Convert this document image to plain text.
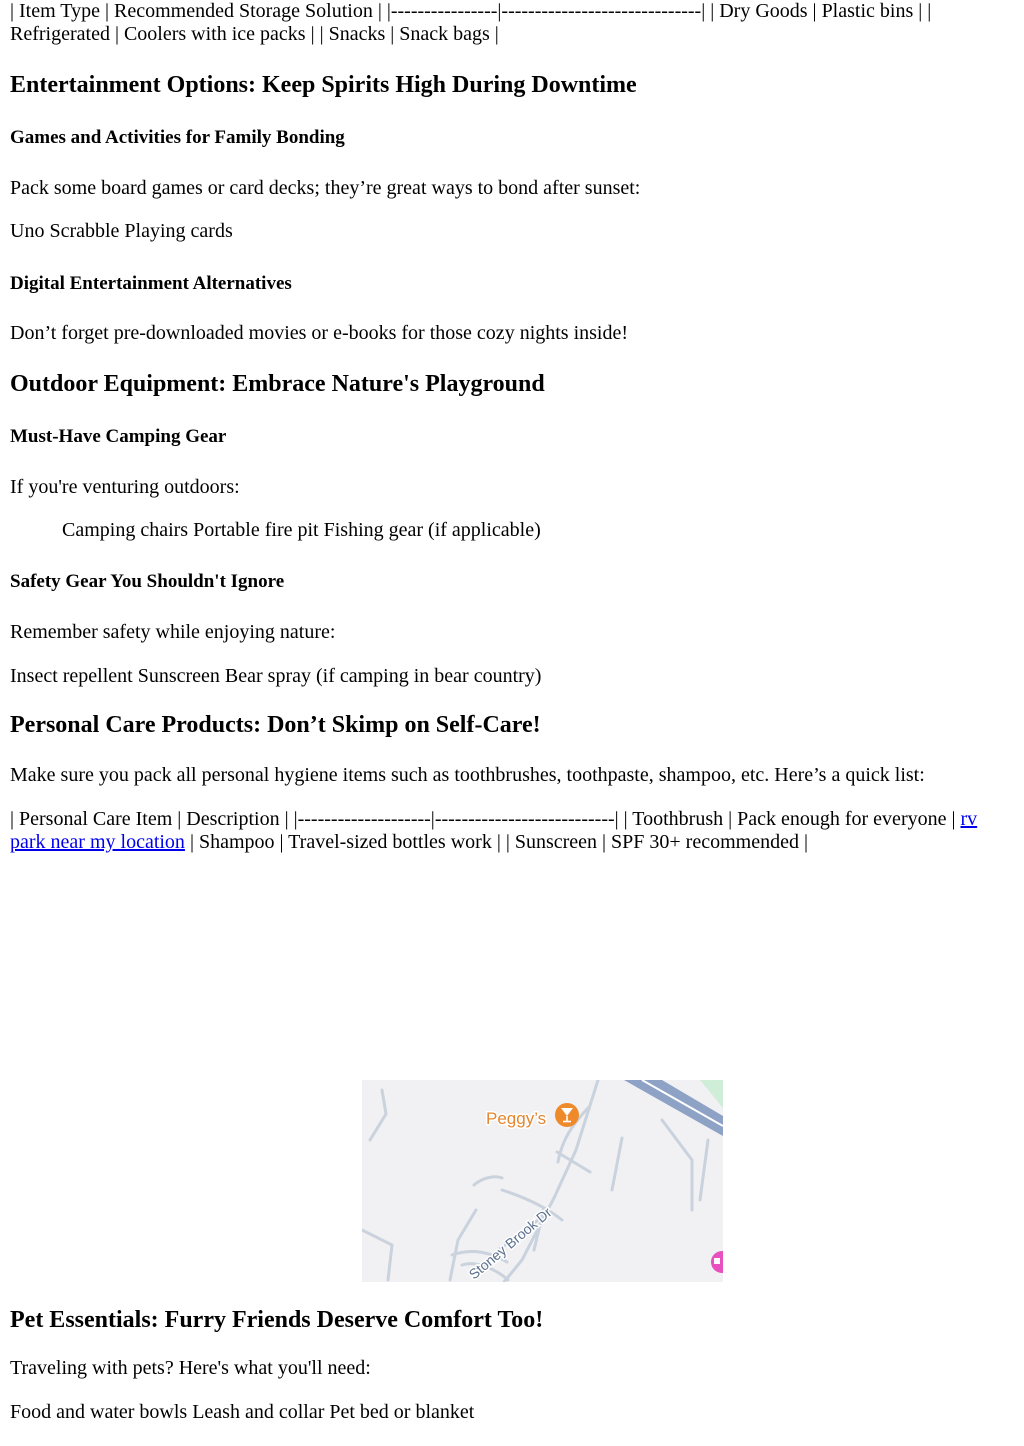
| Item Type | Recommended Storage Solution | |----------------|------------------------------| | Dry Goods | Plastic bins | | Refrigerated | Coolers with ice packs | | Snacks | Snack bags |

Entertainment Options: Keep Spirits High During Downtime
Games and Activities for Family Bonding

Pack some board games or card decks; they’re great ways to bond after sunset:

Uno Scrabble Playing cards

Digital Entertainment Alternatives

Don’t forget pre-downloaded movies or e-books for those cozy nights inside!

Outdoor Equipment: Embrace Nature's Playground
Must-Have Camping Gear

If you're venturing outdoors:

Camping chairs Portable fire pit Fishing gear (if applicable)

Safety Gear You Shouldn't Ignore

Remember safety while enjoying nature:

Insect repellent Sunscreen Bear spray (if camping in bear country)

Personal Care Products: Don’t Skimp on Self-Care!

Make sure you pack all personal hygiene items such as toothbrushes, toothpaste, shampoo, etc. Here’s a quick list:

| Personal Care Item | Description | |--------------------|---------------------------| | Toothbrush | Pack enough for everyone | rv park near my location | Shampoo | Travel-sized bottles work | | Sunscreen | SPF 30+ recommended |

Pet Essentials: Furry Friends Deserve Comfort Too!

Traveling with pets? Here's what you'll need:

Food and water bowls Leash and collar Pet bed or blanket

Peggy’s
Stoney Brook Dr
